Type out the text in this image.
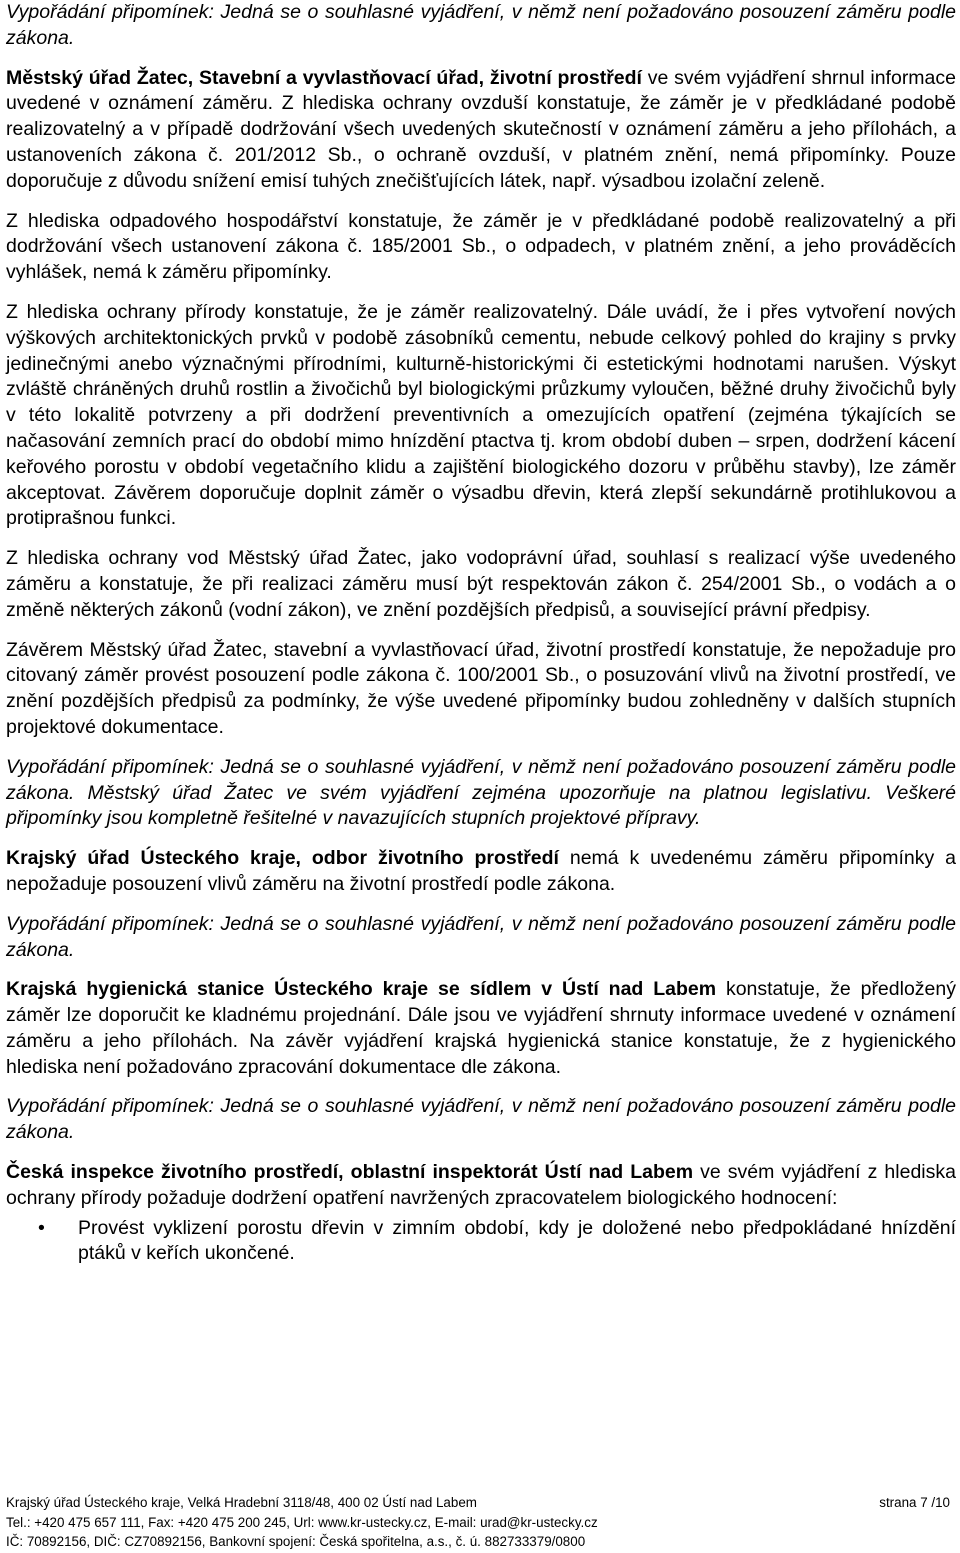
Vypořádání připomínek: Jedná se o souhlasné vyjádření, v němž není požadováno posouzení záměru podle zákona.

Městský úřad Žatec, Stavební a vyvlastňovací úřad, životní prostředí ve svém vyjádření shrnul informace uvedené v oznámení záměru. Z hlediska ochrany ovzduší konstatuje, že záměr je v předkládané podobě realizovatelný a v případě dodržování všech uvedených skutečností v oznámení záměru a jeho přílohách, a ustanoveních zákona č. 201/2012 Sb., o ochraně ovzduší, v platném znění, nemá připomínky. Pouze doporučuje z důvodu snížení emisí tuhých znečišťujících látek, např. výsadbou izolační zeleně.

Z hlediska odpadového hospodářství konstatuje, že záměr je v předkládané podobě realizovatelný a při dodržování všech ustanovení zákona č. 185/2001 Sb., o odpadech, v platném znění, a jeho prováděcích vyhlášek, nemá k záměru připomínky.

Z hlediska ochrany přírody konstatuje, že je záměr realizovatelný. Dále uvádí, že i přes vytvoření nových výškových architektonických prvků v podobě zásobníků cementu, nebude celkový pohled do krajiny s prvky jedinečnými anebo význačnými přírodními, kulturně-historickými či estetickými hodnotami narušen. Výskyt zvláště chráněných druhů rostlin a živočichů byl biologickými průzkumy vyloučen, běžné druhy živočichů byly v této lokalitě potvrzeny a při dodržení preventivních a omezujících opatření (zejména týkajících se načasování zemních prací do období mimo hnízdění ptactva tj. krom období duben – srpen, dodržení kácení keřového porostu v období vegetačního klidu a zajištění biologického dozoru v průběhu stavby), lze záměr akceptovat. Závěrem doporučuje doplnit záměr o výsadbu dřevin, která zlepší sekundárně protihlukovou a protiprašnou funkci.

Z hlediska ochrany vod Městský úřad Žatec, jako vodoprávní úřad, souhlasí s realizací výše uvedeného záměru a konstatuje, že při realizaci záměru musí být respektován zákon č. 254/2001 Sb., o vodách a o změně některých zákonů (vodní zákon), ve znění pozdějších předpisů, a související právní předpisy.

Závěrem Městský úřad Žatec, stavební a vyvlastňovací úřad, životní prostředí konstatuje, že nepožaduje pro citovaný záměr provést posouzení podle zákona č. 100/2001 Sb., o posuzování vlivů na životní prostředí, ve znění pozdějších předpisů za podmínky, že výše uvedené připomínky budou zohledněny v dalších stupních projektové dokumentace.

Vypořádání připomínek: Jedná se o souhlasné vyjádření, v němž není požadováno posouzení záměru podle zákona. Městský úřad Žatec ve svém vyjádření zejména upozorňuje na platnou legislativu. Veškeré připomínky jsou kompletně řešitelné v navazujících stupních projektové přípravy.

Krajský úřad Ústeckého kraje, odbor životního prostředí nemá k uvedenému záměru připomínky a nepožaduje posouzení vlivů záměru na životní prostředí podle zákona.

Vypořádání připomínek: Jedná se o souhlasné vyjádření, v němž není požadováno posouzení záměru podle zákona.

Krajská hygienická stanice Ústeckého kraje se sídlem v Ústí nad Labem konstatuje, že předložený záměr lze doporučit ke kladnému projednání. Dále jsou ve vyjádření shrnuty informace uvedené v oznámení záměru a jeho přílohách. Na závěr vyjádření krajská hygienická stanice konstatuje, že z hygienického hlediska není požadováno zpracování dokumentace dle zákona.

Vypořádání připomínek: Jedná se o souhlasné vyjádření, v němž není požadováno posouzení záměru podle zákona.

Česká inspekce životního prostředí, oblastní inspektorát Ústí nad Labem ve svém vyjádření z hlediska ochrany přírody požaduje dodržení opatření navržených zpracovatelem biologického hodnocení:

• Provést vyklizení porostu dřevin v zimním období, kdy je doložené nebo předpokládané hnízdění ptáků v keřích ukončené.
Krajský úřad Ústeckého kraje, Velká Hradební 3118/48, 400 02 Ústí nad Labem	strana 7 /10
Tel.: +420 475 657 111, Fax: +420 475 200 245, Url: www.kr-ustecky.cz, E-mail: urad@kr-ustecky.cz
IČ: 70892156, DIČ: CZ70892156, Bankovní spojení: Česká spořitelna, a.s., č. ú. 882733379/0800
